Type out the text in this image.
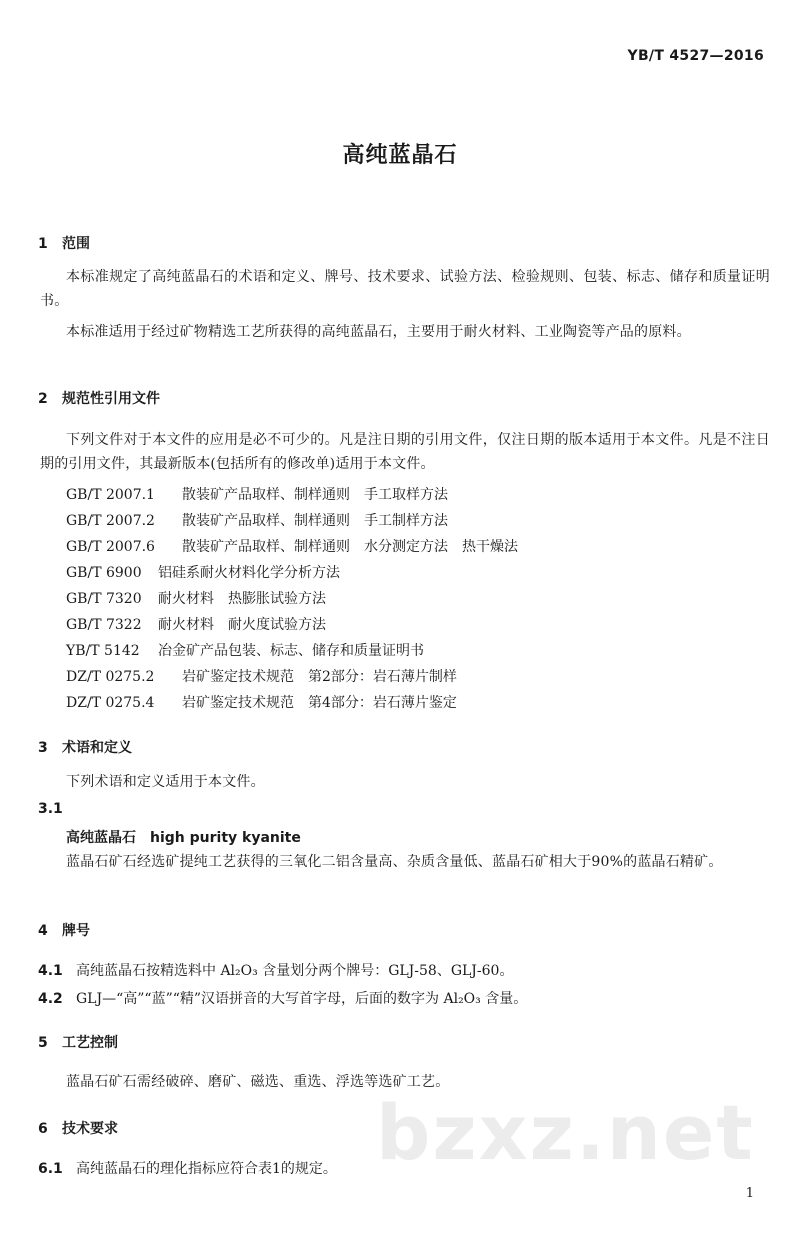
YB/T 4527—2016
高纯蓝晶石
1 范围
本标准规定了高纯蓝晶石的术语和定义、牌号、技术要求、试验方法、检验规则、包装、标志、储存和质量证明书。
本标准适用于经过矿物精选工艺所获得的高纯蓝晶石，主要用于耐火材料、工业陶瓷等产品的原料。
2 规范性引用文件
下列文件对于本文件的应用是必不可少的。凡是注日期的引用文件，仅注日期的版本适用于本文件。凡是不注日期的引用文件，其最新版本(包括所有的修改单)适用于本文件。
GB/T 2007.1 散装矿产品取样、制样通则　手工取样方法
GB/T 2007.2 散装矿产品取样、制样通则　手工制样方法
GB/T 2007.6 散装矿产品取样、制样通则　水分测定方法　热干燥法
GB/T 6900 铝硅系耐火材料化学分析方法
GB/T 7320 耐火材料　热膨胀试验方法
GB/T 7322 耐火材料　耐火度试验方法
YB/T 5142 冶金矿产品包装、标志、储存和质量证明书
DZ/T 0275.2 岩矿鉴定技术规范　第2部分：岩石薄片制样
DZ/T 0275.4 岩矿鉴定技术规范　第4部分：岩石薄片鉴定
3 术语和定义
下列术语和定义适用于本文件。
3.1
高纯蓝晶石 high purity kyanite
蓝晶石矿石经选矿提纯工艺获得的三氧化二铝含量高、杂质含量低、蓝晶石矿相大于90%的蓝晶石精矿。
4 牌号
4.1 高纯蓝晶石按精选料中 Al₂O₃ 含量划分两个牌号：GLJ-58、GLJ-60。
4.2 GLJ—“高”“蓝”“精”汉语拼音的大写首字母，后面的数字为 Al₂O₃ 含量。
5 工艺控制
蓝晶石矿石需经破碎、磨矿、磁选、重选、浮选等选矿工艺。
bzxz.net
6 技术要求
6.1 高纯蓝晶石的理化指标应符合表1的规定。
1
